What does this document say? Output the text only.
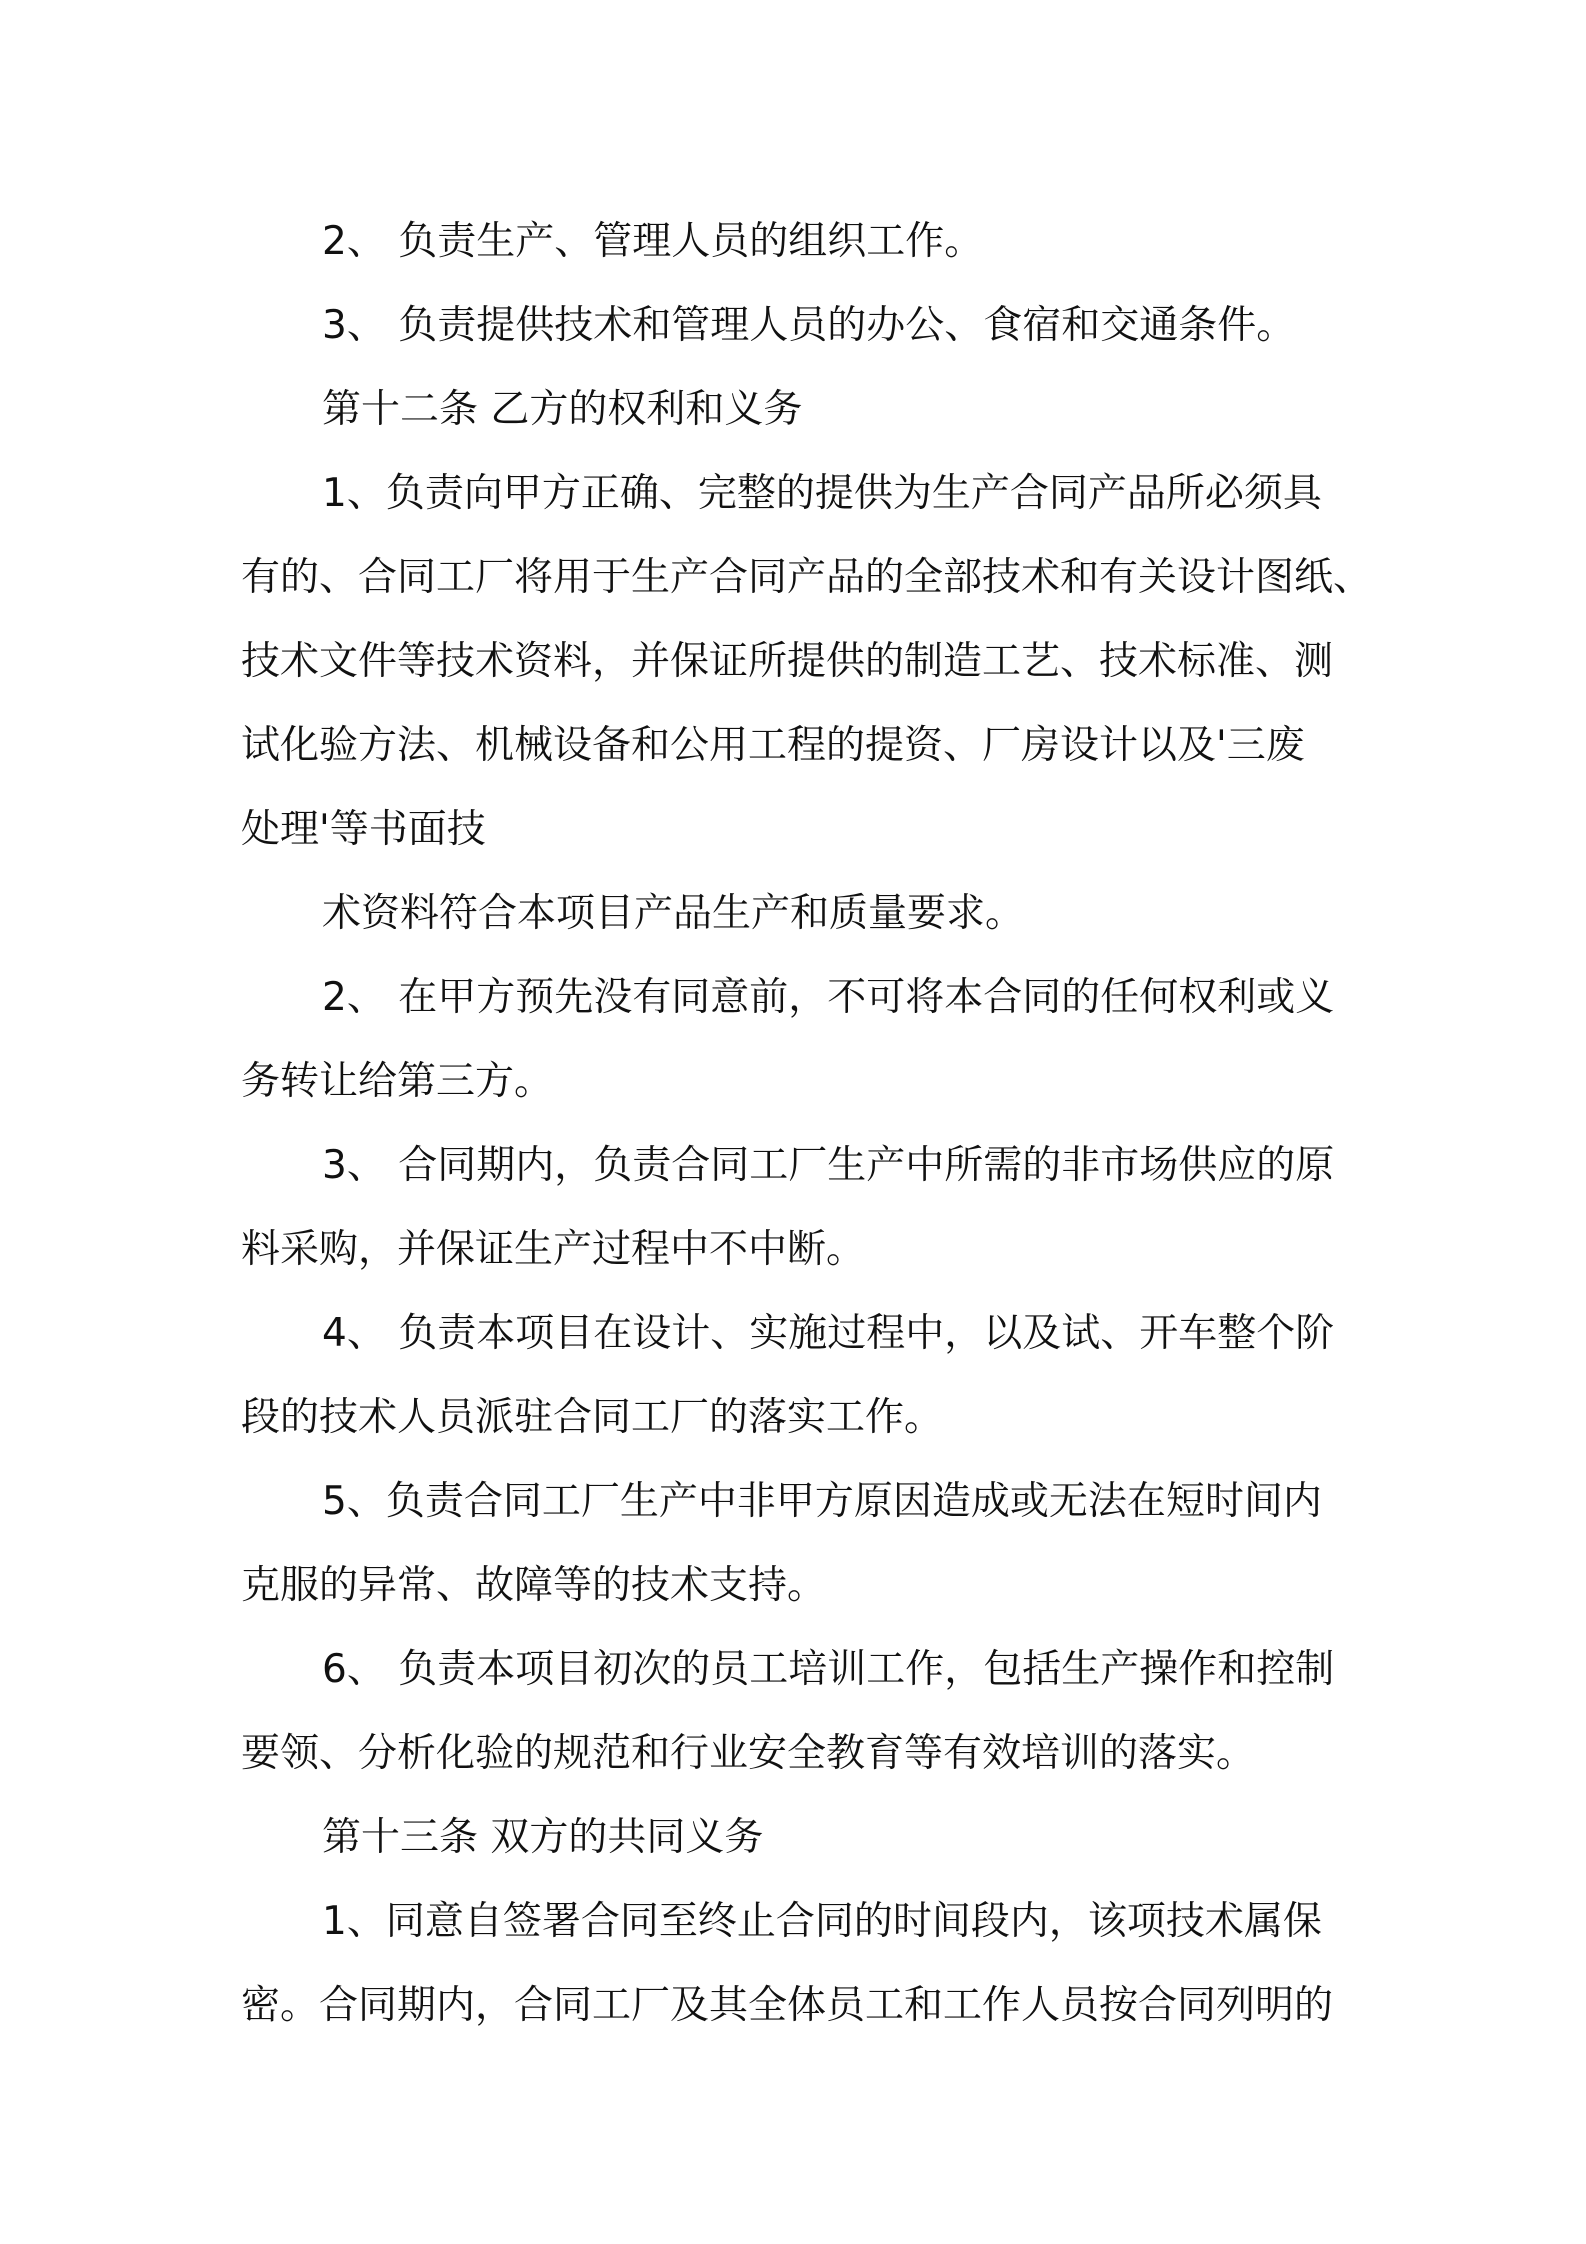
2、 负责生产、管理人员的组织工作。

3、 负责提供技术和管理人员的办公、食宿和交通条件。

第十二条 乙方的权利和义务

1、负责向甲方正确、完整的提供为生产合同产品所必须具

有的、合同工厂将用于生产合同产品的全部技术和有关设计图纸、

技术文件等技术资料，并保证所提供的制造工艺、技术标准、测

试化验方法、机械设备和公用工程的提资、厂房设计以及'三废

处理'等书面技

术资料符合本项目产品生产和质量要求。

2、 在甲方预先没有同意前，不可将本合同的任何权利或义

务转让给第三方。

3、 合同期内，负责合同工厂生产中所需的非市场供应的原

料采购，并保证生产过程中不中断。

4、 负责本项目在设计、实施过程中，以及试、开车整个阶

段的技术人员派驻合同工厂的落实工作。

5、负责合同工厂生产中非甲方原因造成或无法在短时间内

克服的异常、故障等的技术支持。

6、 负责本项目初次的员工培训工作，包括生产操作和控制

要领、分析化验的规范和行业安全教育等有效培训的落实。

第十三条 双方的共同义务

1、同意自签署合同至终止合同的时间段内，该项技术属保

密。合同期内，合同工厂及其全体员工和工作人员按合同列明的
